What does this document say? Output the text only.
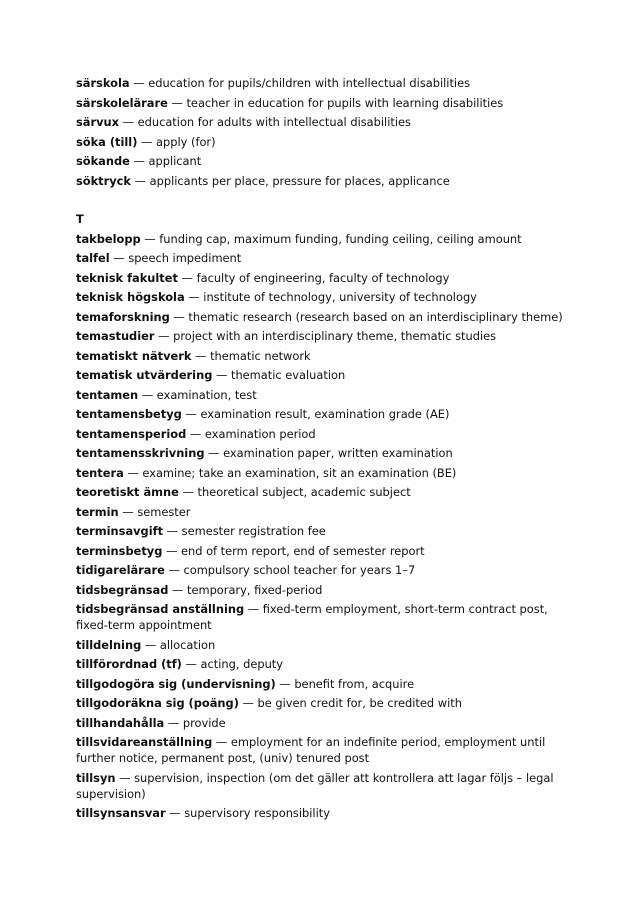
särskola — education for pupils/children with intellectual disabilities
särskolelärare — teacher in education for pupils with learning disabilities
särvux — education for adults with intellectual disabilities
söka (till) — apply (for)
sökande — applicant
söktryck — applicants per place, pressure for places, applicance
T
takbelopp — funding cap, maximum funding, funding ceiling, ceiling amount
talfel — speech impediment
teknisk fakultet — faculty of engineering, faculty of technology
teknisk högskola — institute of technology, university of technology
temaforskning — thematic research (research based on an interdisciplinary theme)
temastudier — project with an interdisciplinary theme, thematic studies
tematiskt nätverk — thematic network
tematisk utvärdering — thematic evaluation
tentamen — examination, test
tentamensbetyg — examination result, examination grade (AE)
tentamensperiod — examination period
tentamensskrivning — examination paper, written examination
tentera — examine; take an examination, sit an examination (BE)
teoretiskt ämne — theoretical subject, academic subject
termin — semester
terminsavgift — semester registration fee
terminsbetyg — end of term report, end of semester report
tidigarelärare — compulsory school teacher for years 1–7
tidsbegränsad — temporary, fixed-period
tidsbegränsad anställning — fixed-term employment, short-term contract post, fixed-term appointment
tilldelning — allocation
tillförordnad (tf) — acting, deputy
tillgodogöra sig (undervisning) — benefit from, acquire
tillgodoräkna sig (poäng) — be given credit for, be credited with
tillhandahålla — provide
tillsvidareanställning — employment for an indefinite period, employment until further notice, permanent post, (univ) tenured post
tillsyn — supervision, inspection (om det gäller att kontrollera att lagar följs – legal supervision)
tillsynsansvar — supervisory responsibility
